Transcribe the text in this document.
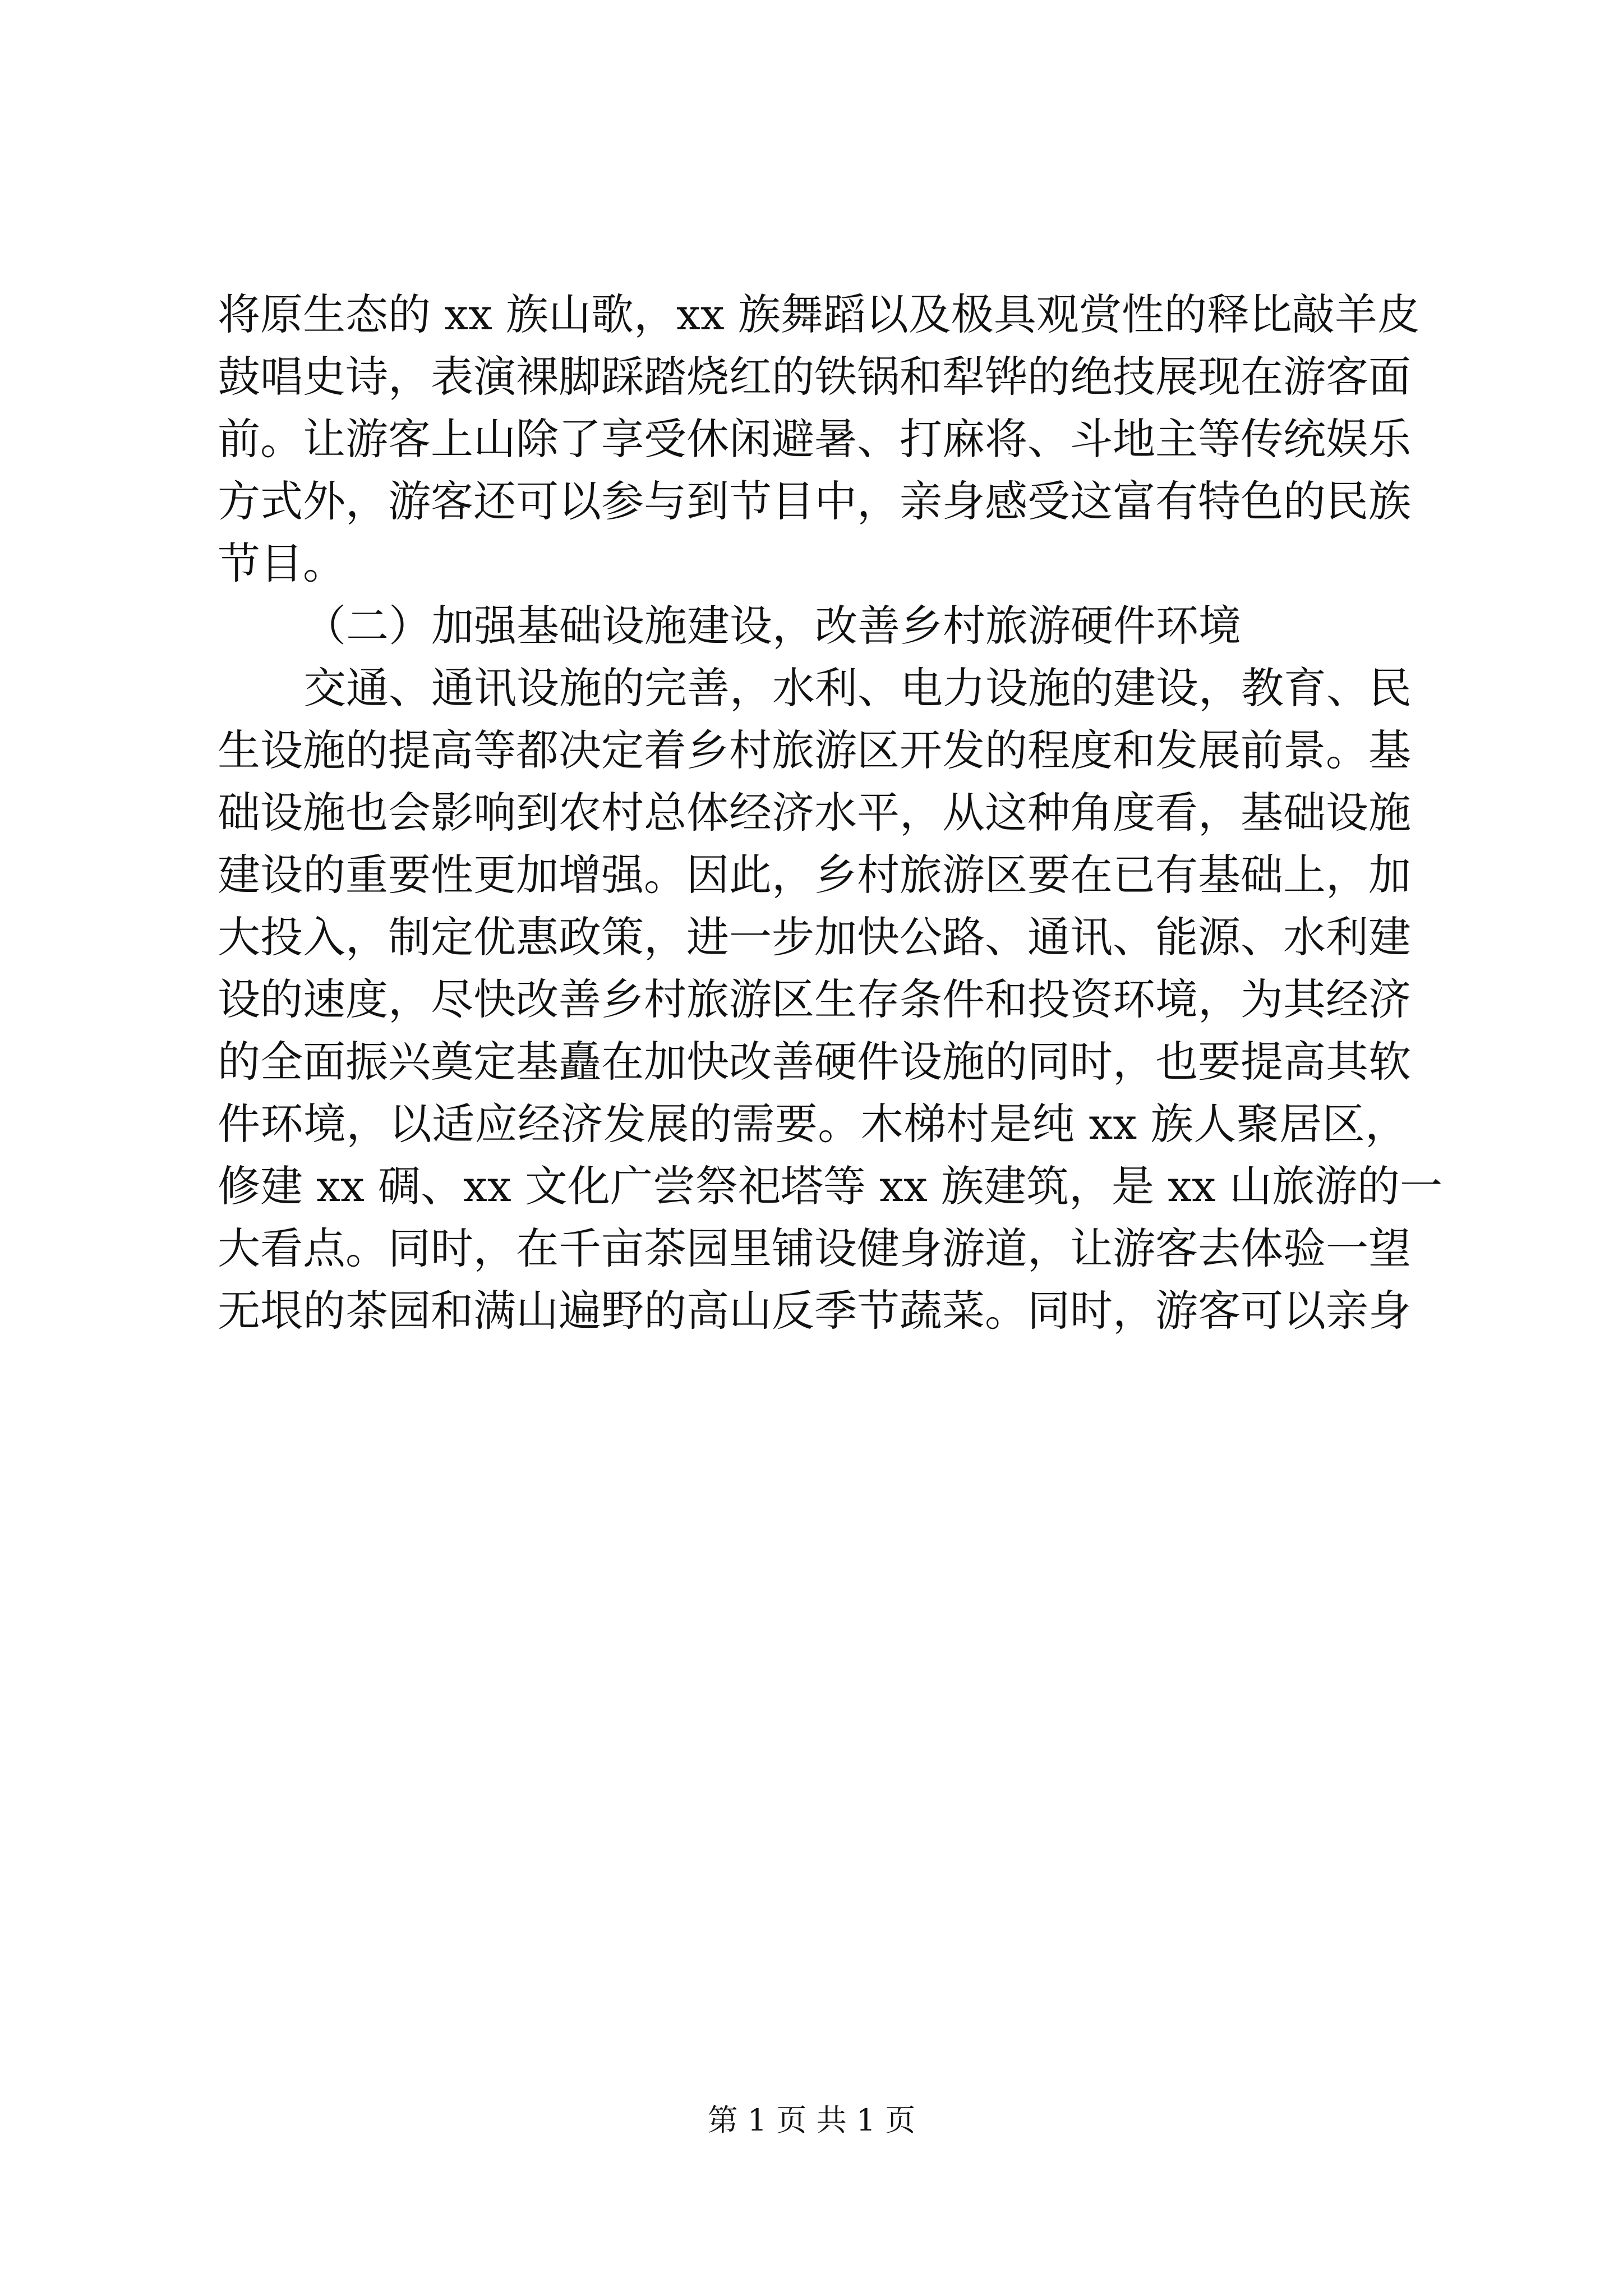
将原生态的 xx 族山歌，xx 族舞蹈以及极具观赏性的释比敲羊皮

鼓唱史诗，表演裸脚踩踏烧红的铁锅和犁铧的绝技展现在游客面

前。让游客上山除了享受休闲避暑、打麻将、斗地主等传统娱乐

方式外，游客还可以参与到节目中，亲身感受这富有特色的民族

节目。

（二）加强基础设施建设，改善乡村旅游硬件环境

交通、通讯设施的完善，水利、电力设施的建设，教育、民

生设施的提高等都决定着乡村旅游区开发的程度和发展前景。基

础设施也会影响到农村总体经济水平，从这种角度看，基础设施

建设的重要性更加增强。因此，乡村旅游区要在已有基础上，加

大投入，制定优惠政策，进一步加快公路、通讯、能源、水利建

设的速度，尽快改善乡村旅游区生存条件和投资环境，为其经济

的全面振兴奠定基矗在加快改善硬件设施的同时，也要提高其软

件环境，以适应经济发展的需要。木梯村是纯 xx 族人聚居区，

修建 xx 碉、xx 文化广尝祭祀塔等 xx 族建筑，是 xx 山旅游的一

大看点。同时，在千亩茶园里铺设健身游道，让游客去体验一望

无垠的茶园和满山遍野的高山反季节蔬菜。同时，游客可以亲身

第 1 页 共 1 页
